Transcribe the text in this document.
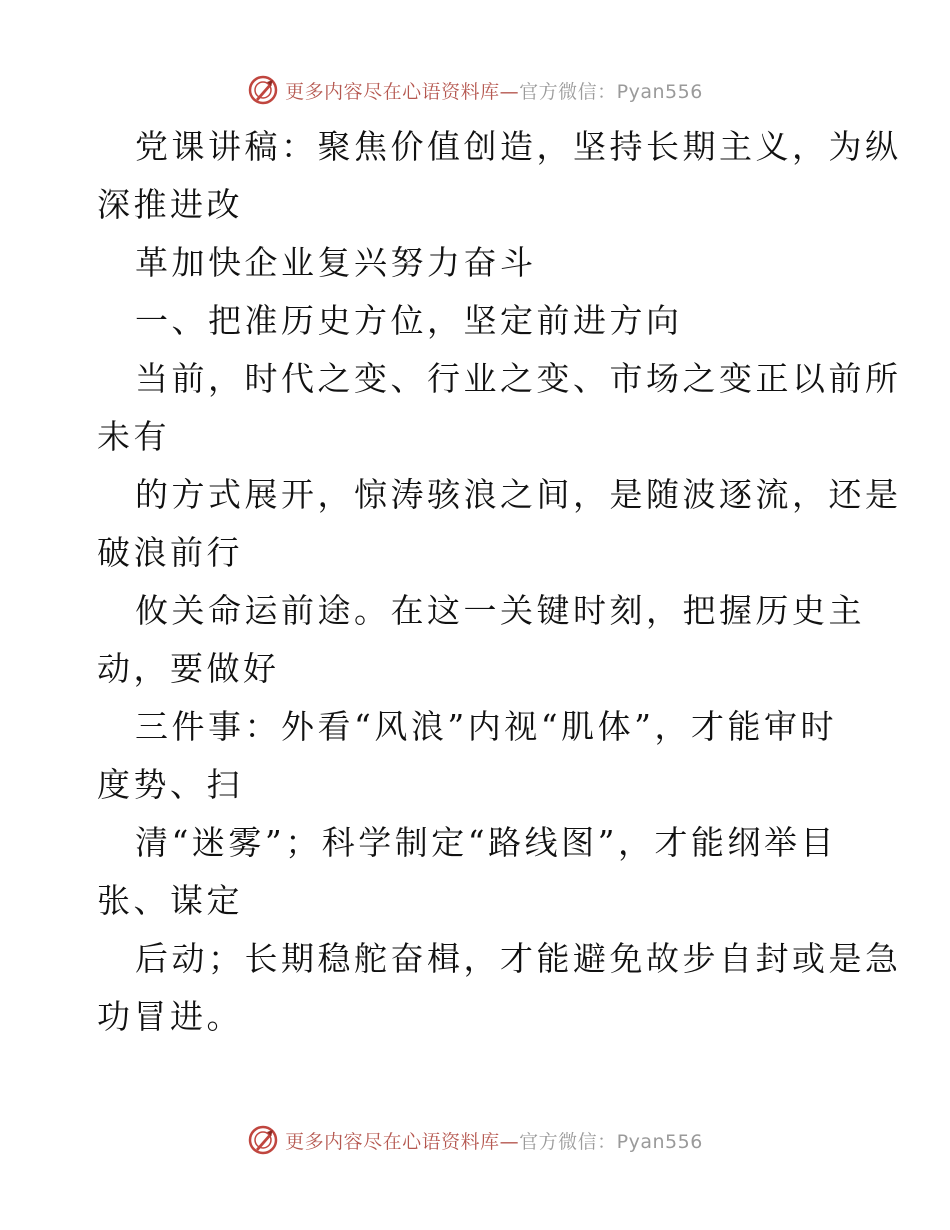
更多内容尽在心语资料库—官方微信：Pyan556
党课讲稿：聚焦价值创造，坚持长期主义，为纵
深推进改
革加快企业复兴努力奋斗
一、把准历史方位，坚定前进方向
当前，时代之变、行业之变、市场之变正以前所
未有
的方式展开，惊涛骇浪之间，是随波逐流，还是
破浪前行
攸关命运前途。在这一关键时刻，把握历史主
动，要做好
三件事：外看“风浪”内视“肌体”，才能审时
度势、扫
清“迷雾”；科学制定“路线图”，才能纲举目
张、谋定
后动；长期稳舵奋楫，才能避免故步自封或是急
功冒进。
更多内容尽在心语资料库—官方微信：Pyan556
